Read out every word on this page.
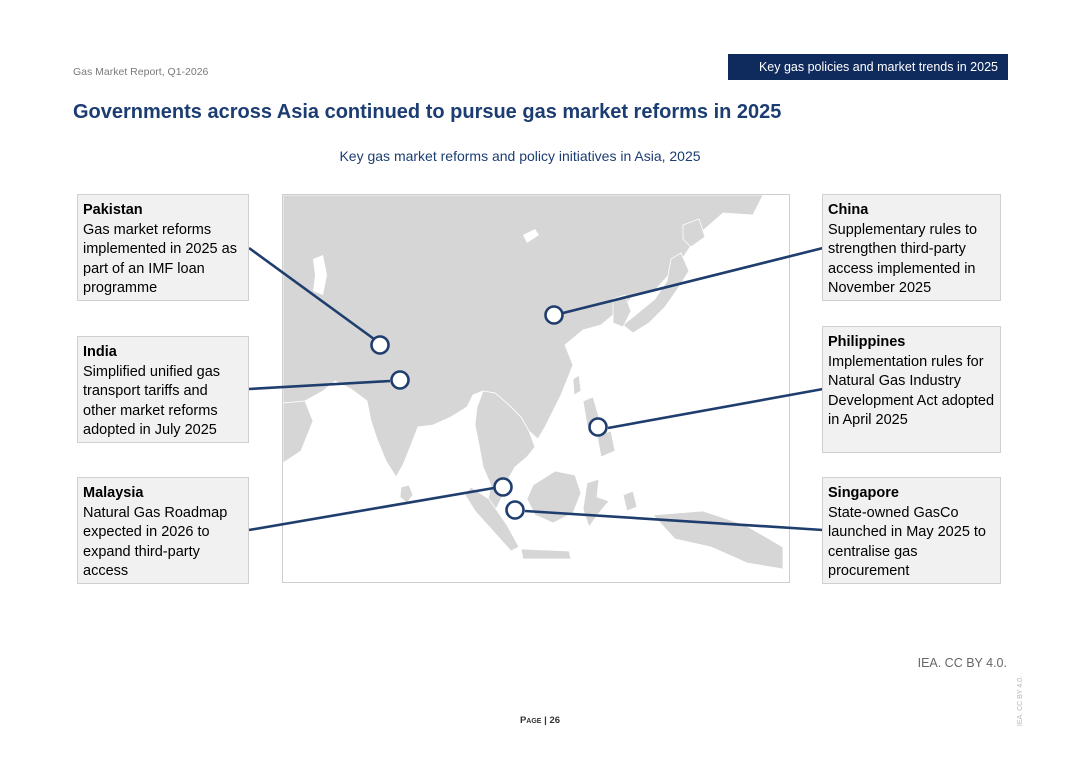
Gas Market Report, Q1-2026	Key gas policies and market trends in 2025
Governments across Asia continued to pursue gas market reforms in 2025
Key gas market reforms and policy initiatives in Asia, 2025
Pakistan
Gas market reforms implemented in 2025 as part of an IMF loan programme
India
Simplified unified gas transport tariffs and other market reforms adopted in July 2025
Malaysia
Natural Gas Roadmap expected in 2026 to expand third-party access
China
Supplementary rules to strengthen third-party access implemented in November 2025
Philippines
Implementation rules for Natural Gas Industry Development Act adopted in April 2025
Singapore
State-owned GasCo launched in May 2025 to centralise gas procurement
IEA. CC BY 4.0.
IEA. CC BY 4.0.
Page | 26
